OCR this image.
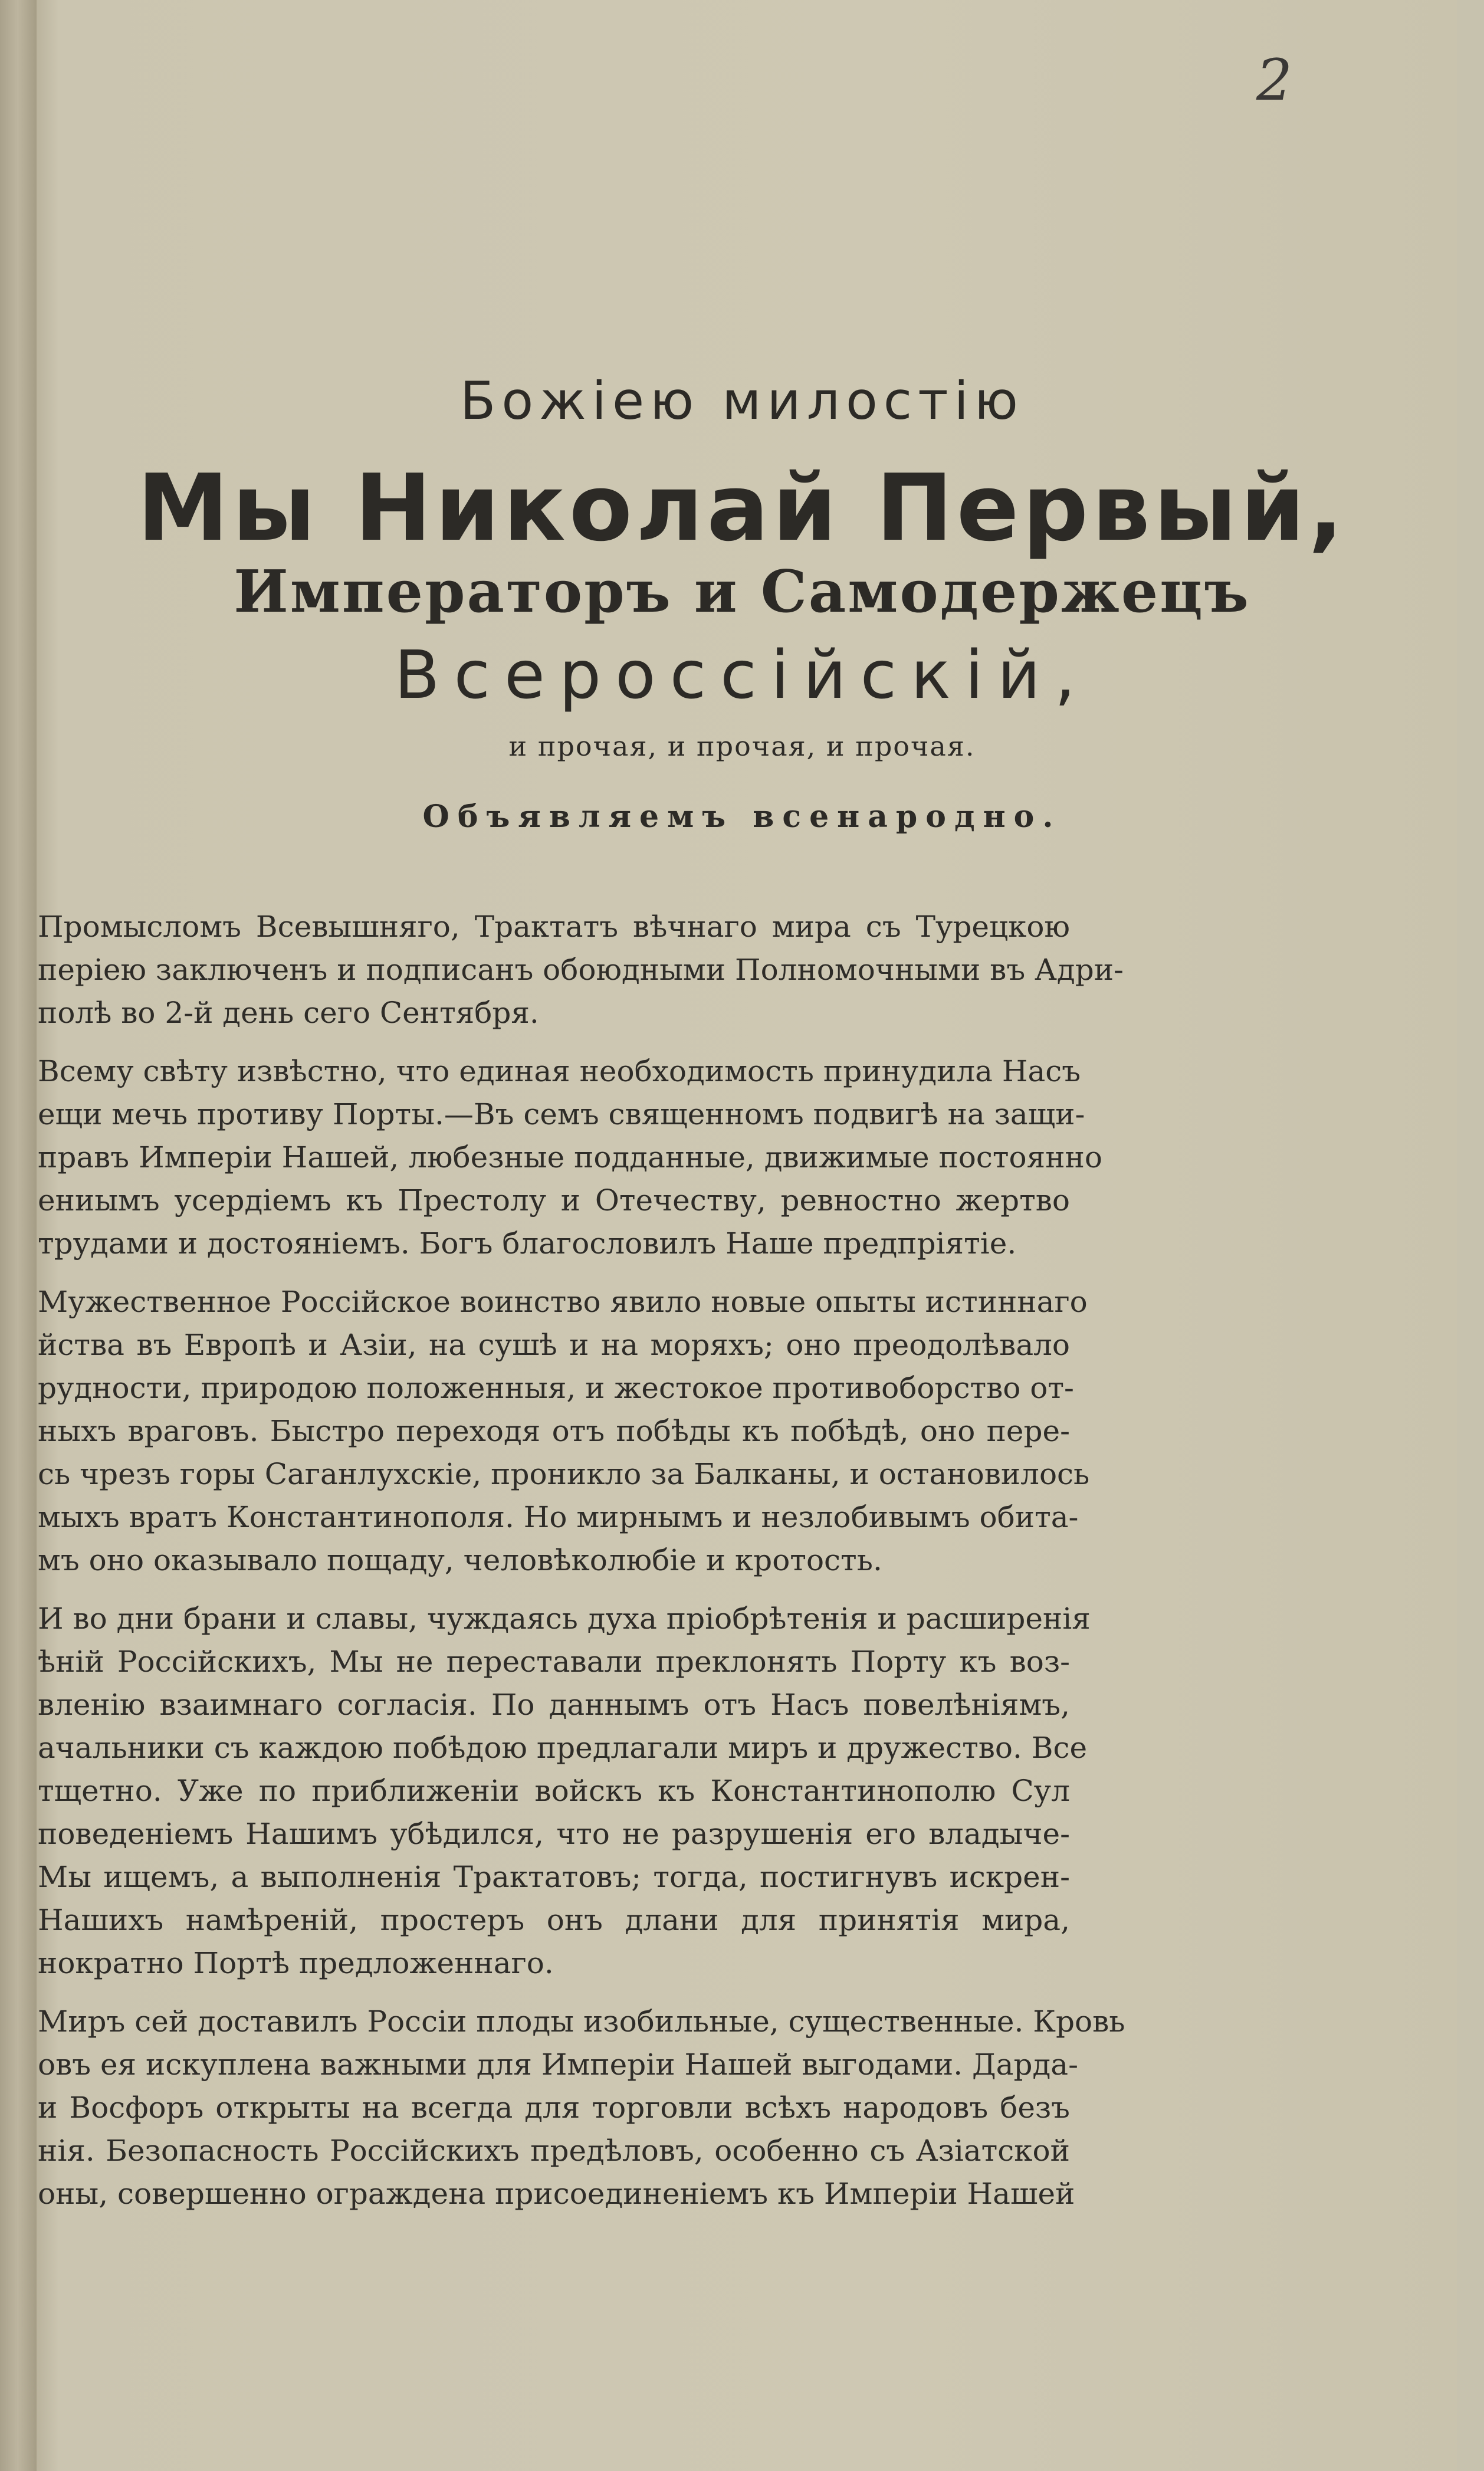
2
Божiею милостiю
Мы Николай Первый,
Императоръ и Самодержецъ
Всероссiйскiй,
и прочая, и прочая, и прочая.
Объявляемъ всенародно.
Промысломъ Всевышняго, Трактатъ вѣчнаго мира съ Турецкою
перiею заключенъ и подписанъ обоюдными Полномочными въ Адри-
полѣ во 2-й день сего Сентября.
Всему свѣту извѣстно, что единая необходимость принудила Насъ
ещи мечь противу Порты.—Въ семъ священномъ подвигѣ на защи-
правъ Имперiи Нашей, любезные подданные, движимые постоянно
ениымъ усердiемъ къ Престолу и Отечеству, ревностно жертво
трудами и достоянiемъ. Богъ благословилъ Наше предпрiятiе.
Мужественное Россiйское воинство явило новые опыты истиннаго
йства въ Европѣ и Азiи, на сушѣ и на моряхъ; оно преодолѣвало
рудности, природою положенныя, и жестокое противоборство от-
ныхъ враговъ. Быстро переходя отъ побѣды къ побѣдѣ, оно пере-
сь чрезъ горы Саганлухскiе, проникло за Балканы, и остановилось
мыхъ вратъ Константинополя. Но мирнымъ и незлобивымъ обита-
мъ оно оказывало пощаду, человѣколюбiе и кротость.
И во дни брани и славы, чуждаясь духа прiобрѣтенiя и расширенiя
ѣнiй Россiйскихъ, Мы не переставали преклонять Порту къ воз-
вленiю взаимнаго согласiя. По даннымъ отъ Насъ повелѣнiямъ,
ачальники съ каждою побѣдою предлагали миръ и дружество. Все
тщетно. Уже по приближенiи войскъ къ Константинополю Сул
поведенiемъ Нашимъ убѣдился, что не разрушенiя его владыче-
Мы ищемъ, а выполненiя Трактатовъ; тогда, постигнувъ искрен-
Нашихъ намѣренiй, простеръ онъ длани для принятiя мира,
нократно Портѣ предложеннаго.
Миръ сей доставилъ Россiи плоды изобильные, существенные. Кровь
овъ ея искуплена важными для Имперiи Нашей выгодами. Дарда-
и Восфоръ открыты на всегда для торговли всѣхъ народовъ безъ
нiя. Безопасность Россiйскихъ предѣловъ, особенно съ Азiатской
оны, совершенно ограждена присоединенiемъ къ Имперiи Нашей
